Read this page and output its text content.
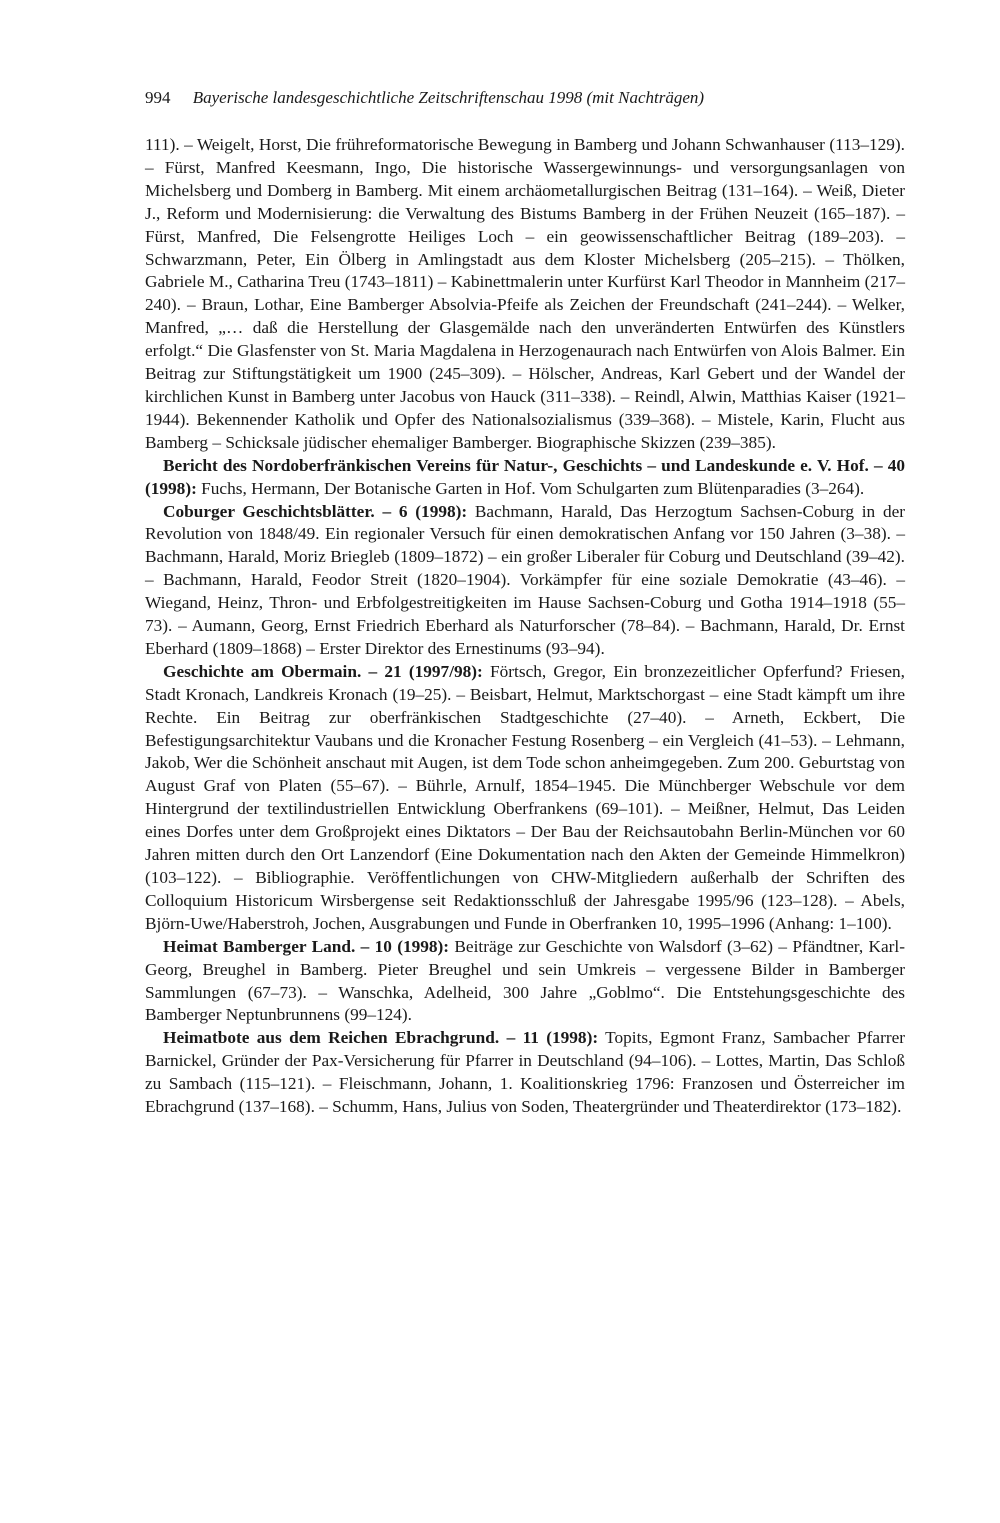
994 Bayerische landesgeschichtliche Zeitschriftenschau 1998 (mit Nachträgen)

111). – Weigelt, Horst, Die frühreformatorische Bewegung in Bamberg und Johann Schwanhauser (113–129). – Fürst, Manfred Keesmann, Ingo, Die historische Wassergewinnungs- und versorgungsanlagen von Michelsberg und Domberg in Bamberg. Mit einem archäometallurgischen Beitrag (131–164). – Weiß, Dieter J., Reform und Modernisierung: die Verwaltung des Bistums Bamberg in der Frühen Neuzeit (165–187). – Fürst, Manfred, Die Felsengrotte Heiliges Loch – ein geowissenschaftlicher Beitrag (189–203). – Schwarzmann, Peter, Ein Ölberg in Amlingstadt aus dem Kloster Michelsberg (205–215). – Thölken, Gabriele M., Catharina Treu (1743–1811) – Kabinettmalerin unter Kurfürst Karl Theodor in Mannheim (217–240). – Braun, Lothar, Eine Bamberger Absolvia-Pfeife als Zeichen der Freundschaft (241–244). – Welker, Manfred, „… daß die Herstellung der Glasgemälde nach den unveränderten Entwürfen des Künstlers erfolgt.“ Die Glasfenster von St. Maria Magdalena in Herzogenaurach nach Entwürfen von Alois Balmer. Ein Beitrag zur Stiftungstätigkeit um 1900 (245–309). – Hölscher, Andreas, Karl Gebert und der Wandel der kirchlichen Kunst in Bamberg unter Jacobus von Hauck (311–338). – Reindl, Alwin, Matthias Kaiser (1921–1944). Bekennender Katholik und Opfer des Nationalsozialismus (339–368). – Mistele, Karin, Flucht aus Bamberg – Schicksale jüdischer ehemaliger Bamberger. Biographische Skizzen (239–385).

Bericht des Nordoberfränkischen Vereins für Natur-, Geschichts – und Landeskunde e. V. Hof. – 40 (1998): Fuchs, Hermann, Der Botanische Garten in Hof. Vom Schulgarten zum Blütenparadies (3–264).

Coburger Geschichtsblätter. – 6 (1998): Bachmann, Harald, Das Herzogtum Sachsen-Coburg in der Revolution von 1848/49. Ein regionaler Versuch für einen demokratischen Anfang vor 150 Jahren (3–38). – Bachmann, Harald, Moriz Briegleb (1809–1872) – ein großer Liberaler für Coburg und Deutschland (39–42). – Bachmann, Harald, Feodor Streit (1820–1904). Vorkämpfer für eine soziale Demokratie (43–46). – Wiegand, Heinz, Thron- und Erbfolgestreitigkeiten im Hause Sachsen-Coburg und Gotha 1914–1918 (55–73). – Aumann, Georg, Ernst Friedrich Eberhard als Naturforscher (78–84). – Bachmann, Harald, Dr. Ernst Eberhard (1809–1868) – Erster Direktor des Ernestinums (93–94).

Geschichte am Obermain. – 21 (1997/98): Förtsch, Gregor, Ein bronzezeitlicher Opferfund? Friesen, Stadt Kronach, Landkreis Kronach (19–25). – Beisbart, Helmut, Marktschorgast – eine Stadt kämpft um ihre Rechte. Ein Beitrag zur oberfränkischen Stadtgeschichte (27–40). – Arneth, Eckbert, Die Befestigungsarchitektur Vaubans und die Kronacher Festung Rosenberg – ein Vergleich (41–53). – Lehmann, Jakob, Wer die Schönheit anschaut mit Augen, ist dem Tode schon anheimgegeben. Zum 200. Geburtstag von August Graf von Platen (55–67). – Bührle, Arnulf, 1854–1945. Die Münchberger Webschule vor dem Hintergrund der textilindustriellen Entwicklung Oberfrankens (69–101). – Meißner, Helmut, Das Leiden eines Dorfes unter dem Großprojekt eines Diktators – Der Bau der Reichsautobahn Berlin-München vor 60 Jahren mitten durch den Ort Lanzendorf (Eine Dokumentation nach den Akten der Gemeinde Himmelkron) (103–122). – Bibliographie. Veröffentlichungen von CHW-Mitgliedern außerhalb der Schriften des Colloquium Historicum Wirsbergense seit Redaktionsschluß der Jahresgabe 1995/96 (123–128). – Abels, Björn-Uwe/Haberstroh, Jochen, Ausgrabungen und Funde in Oberfranken 10, 1995–1996 (Anhang: 1–100).

Heimat Bamberger Land. – 10 (1998): Beiträge zur Geschichte von Walsdorf (3–62) – Pfändtner, Karl-Georg, Breughel in Bamberg. Pieter Breughel und sein Umkreis – vergessene Bilder in Bamberger Sammlungen (67–73). – Wanschka, Adelheid, 300 Jahre „Goblmo“. Die Entstehungsgeschichte des Bamberger Neptunbrunnens (99–124).

Heimatbote aus dem Reichen Ebrachgrund. – 11 (1998): Topits, Egmont Franz, Sambacher Pfarrer Barnickel, Gründer der Pax-Versicherung für Pfarrer in Deutschland (94–106). – Lottes, Martin, Das Schloß zu Sambach (115–121). – Fleischmann, Johann, 1. Koalitionskrieg 1796: Franzosen und Österreicher im Ebrachgrund (137–168). – Schumm, Hans, Julius von Soden, Theatergründer und Theaterdirektor (173–182).
